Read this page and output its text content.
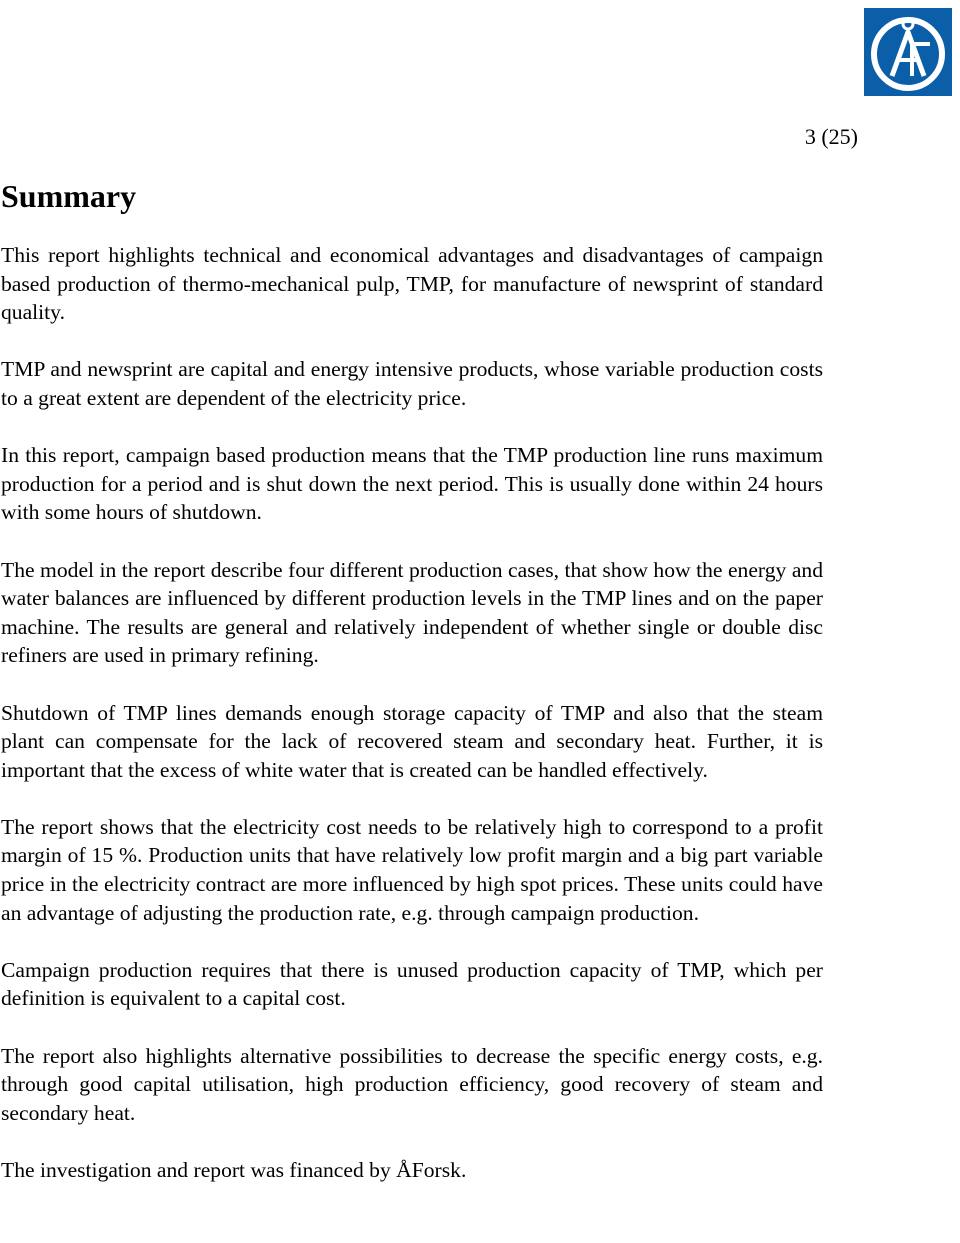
3 (25)
Summary

This report highlights technical and economical advantages and disadvantages of campaign based production of thermo-mechanical pulp, TMP, for manufacture of newsprint of standard quality.

TMP and newsprint are capital and energy intensive products, whose variable production costs to a great extent are dependent of the electricity price.

In this report, campaign based production means that the TMP production line runs maximum production for a period and is shut down the next period. This is usually done within 24 hours with some hours of shutdown.

The model in the report describe four different production cases, that show how the energy and water balances are influenced by different production levels in the TMP lines and on the paper machine. The results are general and relatively independent of whether single or double disc refiners are used in primary refining.

Shutdown of TMP lines demands enough storage capacity of TMP and also that the steam plant can compensate for the lack of recovered steam and secondary heat. Further, it is important that the excess of white water that is created can be handled effectively.

The report shows that the electricity cost needs to be relatively high to correspond to a profit margin of 15 %. Production units that have relatively low profit margin and a big part variable price in the electricity contract are more influenced by high spot prices. These units could have an advantage of adjusting the production rate, e.g. through campaign production.

Campaign production requires that there is unused production capacity of TMP, which per definition is equivalent to a capital cost.

The report also highlights alternative possibilities to decrease the specific energy costs, e.g. through good capital utilisation, high production efficiency, good recovery of steam and secondary heat.

The investigation and report was financed by ÅForsk.
